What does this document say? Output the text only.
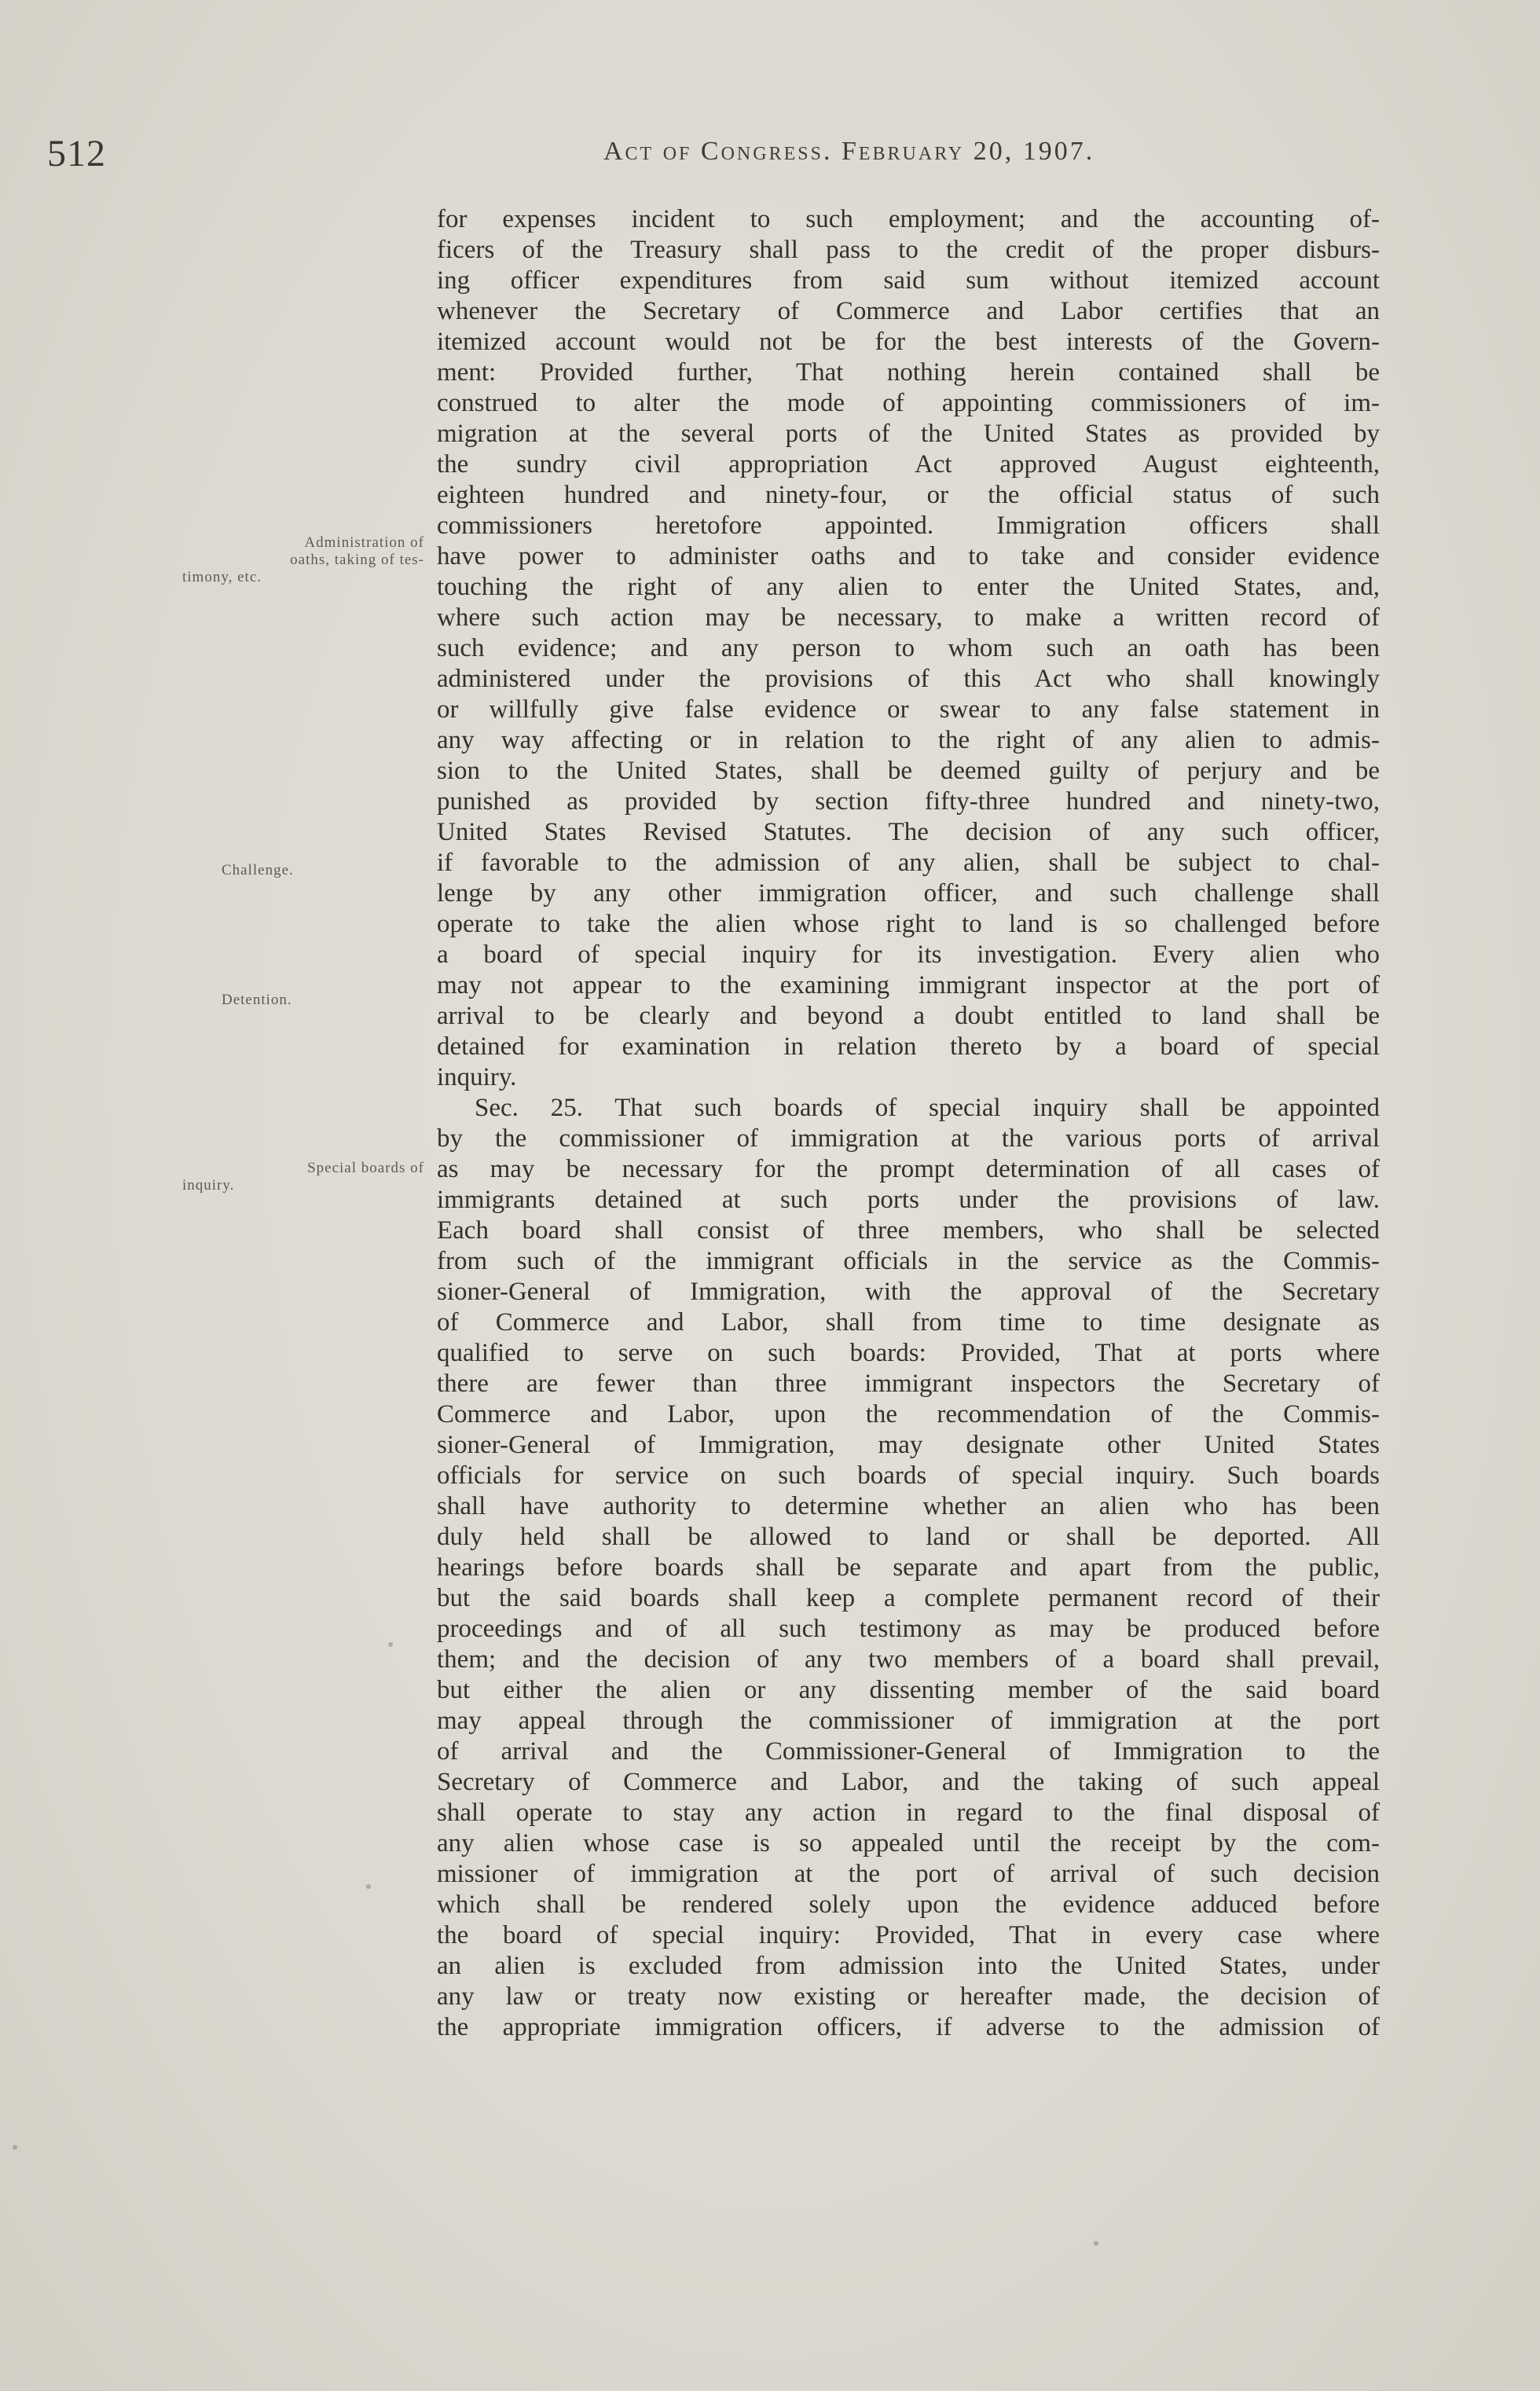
512	Act of Congress. February 20, 1907.
Administration of
oaths, taking of tes-
timony, etc.
Challenge.
Detention.
Special boards of
inquiry.
for expenses incident to such employment; and the accounting of-
ficers of the Treasury shall pass to the credit of the proper disburs-
ing officer expenditures from said sum without itemized account
whenever the Secretary of Commerce and Labor certifies that an
itemized account would not be for the best interests of the Govern-
ment: Provided further, That nothing herein contained shall be
construed to alter the mode of appointing commissioners of im-
migration at the several ports of the United States as provided by
the sundry civil appropriation Act approved August eighteenth,
eighteen hundred and ninety-four, or the official status of such
commissioners heretofore appointed. Immigration officers shall
have power to administer oaths and to take and consider evidence
touching the right of any alien to enter the United States, and,
where such action may be necessary, to make a written record of
such evidence; and any person to whom such an oath has been
administered under the provisions of this Act who shall knowingly
or willfully give false evidence or swear to any false statement in
any way affecting or in relation to the right of any alien to admis-
sion to the United States, shall be deemed guilty of perjury and be
punished as provided by section fifty-three hundred and ninety-two,
United States Revised Statutes. The decision of any such officer,
if favorable to the admission of any alien, shall be subject to chal-
lenge by any other immigration officer, and such challenge shall
operate to take the alien whose right to land is so challenged before
a board of special inquiry for its investigation. Every alien who
may not appear to the examining immigrant inspector at the port of
arrival to be clearly and beyond a doubt entitled to land shall be
detained for examination in relation thereto by a board of special
inquiry.
Sec. 25. That such boards of special inquiry shall be appointed
by the commissioner of immigration at the various ports of arrival
as may be necessary for the prompt determination of all cases of
immigrants detained at such ports under the provisions of law.
Each board shall consist of three members, who shall be selected
from such of the immigrant officials in the service as the Commis-
sioner-General of Immigration, with the approval of the Secretary
of Commerce and Labor, shall from time to time designate as
qualified to serve on such boards: Provided, That at ports where
there are fewer than three immigrant inspectors the Secretary of
Commerce and Labor, upon the recommendation of the Commis-
sioner-General of Immigration, may designate other United States
officials for service on such boards of special inquiry. Such boards
shall have authority to determine whether an alien who has been
duly held shall be allowed to land or shall be deported. All
hearings before boards shall be separate and apart from the public,
but the said boards shall keep a complete permanent record of their
proceedings and of all such testimony as may be produced before
them; and the decision of any two members of a board shall prevail,
but either the alien or any dissenting member of the said board
may appeal through the commissioner of immigration at the port
of arrival and the Commissioner-General of Immigration to the
Secretary of Commerce and Labor, and the taking of such appeal
shall operate to stay any action in regard to the final disposal of
any alien whose case is so appealed until the receipt by the com-
missioner of immigration at the port of arrival of such decision
which shall be rendered solely upon the evidence adduced before
the board of special inquiry: Provided, That in every case where
an alien is excluded from admission into the United States, under
any law or treaty now existing or hereafter made, the decision of
the appropriate immigration officers, if adverse to the admission of
